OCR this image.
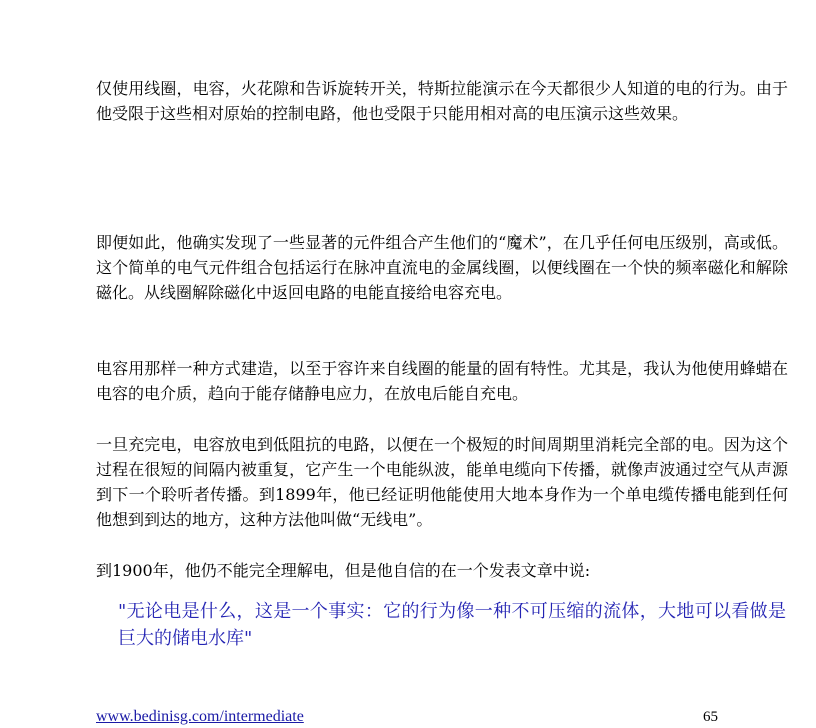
仅使用线圈，电容，火花隙和告诉旋转开关，特斯拉能演示在今天都很少人知道的电的行为。由于他受限于这些相对原始的控制电路，他也受限于只能用相对高的电压演示这些效果。

即便如此，他确实发现了一些显著的元件组合产生他们的“魔术”，在几乎任何电压级别，高或低。这个简单的电气元件组合包括运行在脉冲直流电的金属线圈，以便线圈在一个快的频率磁化和解除磁化。从线圈解除磁化中返回电路的电能直接给电容充电。

电容用那样一种方式建造，以至于容许来自线圈的能量的固有特性。尤其是，我认为他使用蜂蜡在电容的电介质，趋向于能存储静电应力，在放电后能自充电。

一旦充完电，电容放电到低阻抗的电路，以便在一个极短的时间周期里消耗完全部的电。因为这个过程在很短的间隔内被重复，它产生一个电能纵波，能单电缆向下传播，就像声波通过空气从声源到下一个聆听者传播。到1899年，他已经证明他能使用大地本身作为一个单电缆传播电能到任何他想到到达的地方，这种方法他叫做“无线电”。

到1900年，他仍不能完全理解电，但是他自信的在一个发表文章中说:

"无论电是什么，这是一个事实：它的行为像一种不可压缩的流体，大地可以看做是巨大的储电水库"

www.bedinisg.com/intermediate	65
